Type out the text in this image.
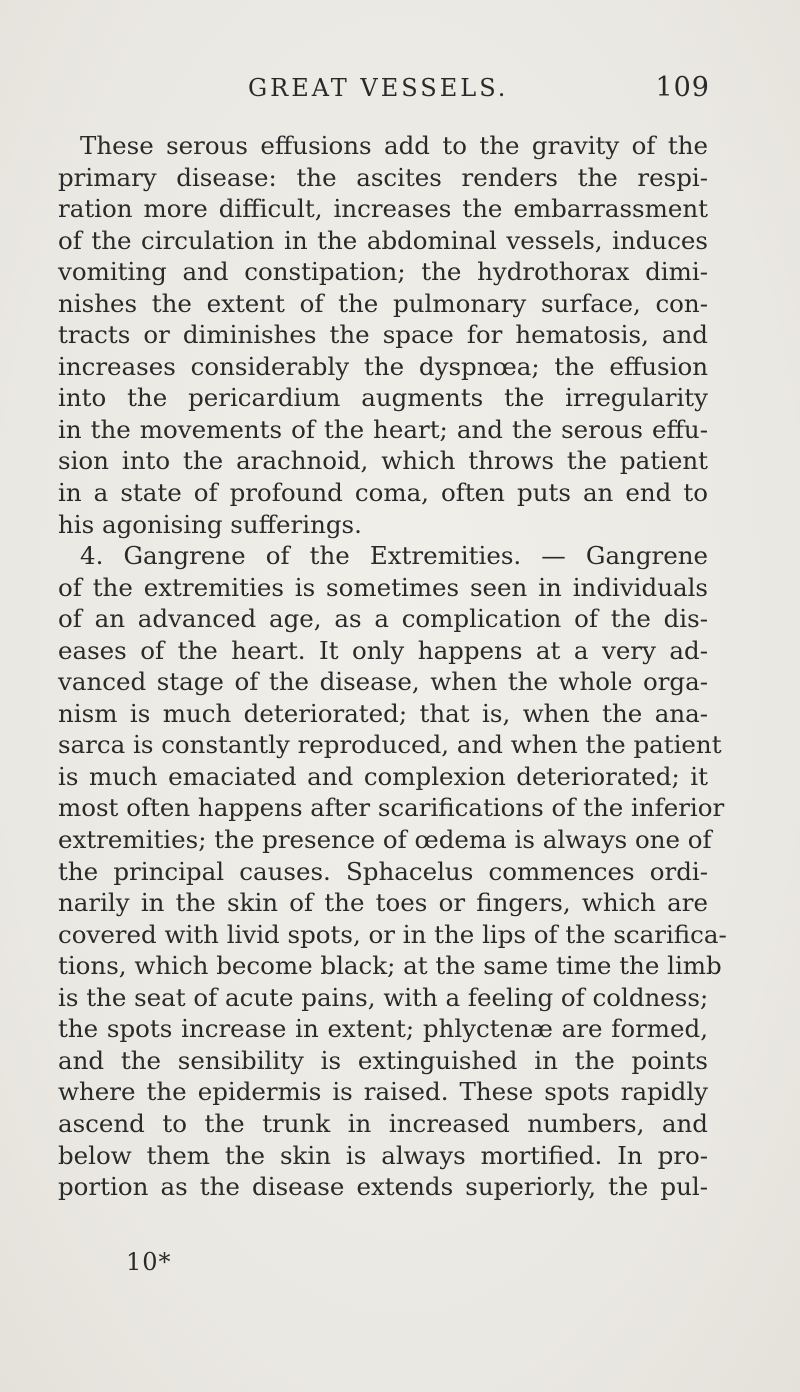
GREAT VESSELS.	109
These serous effusions add to the gravity of the
primary disease: the ascites renders the respi-
ration more difficult, increases the embarrassment
of the circulation in the abdominal vessels, induces
vomiting and constipation; the hydrothorax dimi-
nishes the extent of the pulmonary surface, con-
tracts or diminishes the space for hematosis, and
increases considerably the dyspnœa; the effusion
into the pericardium augments the irregularity
in the movements of the heart; and the serous effu-
sion into the arachnoid, which throws the patient
in a state of profound coma, often puts an end to
his agonising sufferings.
4. Gangrene of the Extremities. — Gangrene
of the extremities is sometimes seen in individuals
of an advanced age, as a complication of the dis-
eases of the heart. It only happens at a very ad-
vanced stage of the disease, when the whole orga-
nism is much deteriorated; that is, when the ana-
sarca is constantly reproduced, and when the patient
is much emaciated and complexion deteriorated; it
most often happens after scarifications of the inferior
extremities; the presence of œdema is always one of
the principal causes. Sphacelus commences ordi-
narily in the skin of the toes or fingers, which are
covered with livid spots, or in the lips of the scarifica-
tions, which become black; at the same time the limb
is the seat of acute pains, with a feeling of coldness;
the spots increase in extent; phlyctenæ are formed,
and the sensibility is extinguished in the points
where the epidermis is raised. These spots rapidly
ascend to the trunk in increased numbers, and
below them the skin is always mortified. In pro-
portion as the disease extends superiorly, the pul-
10*
